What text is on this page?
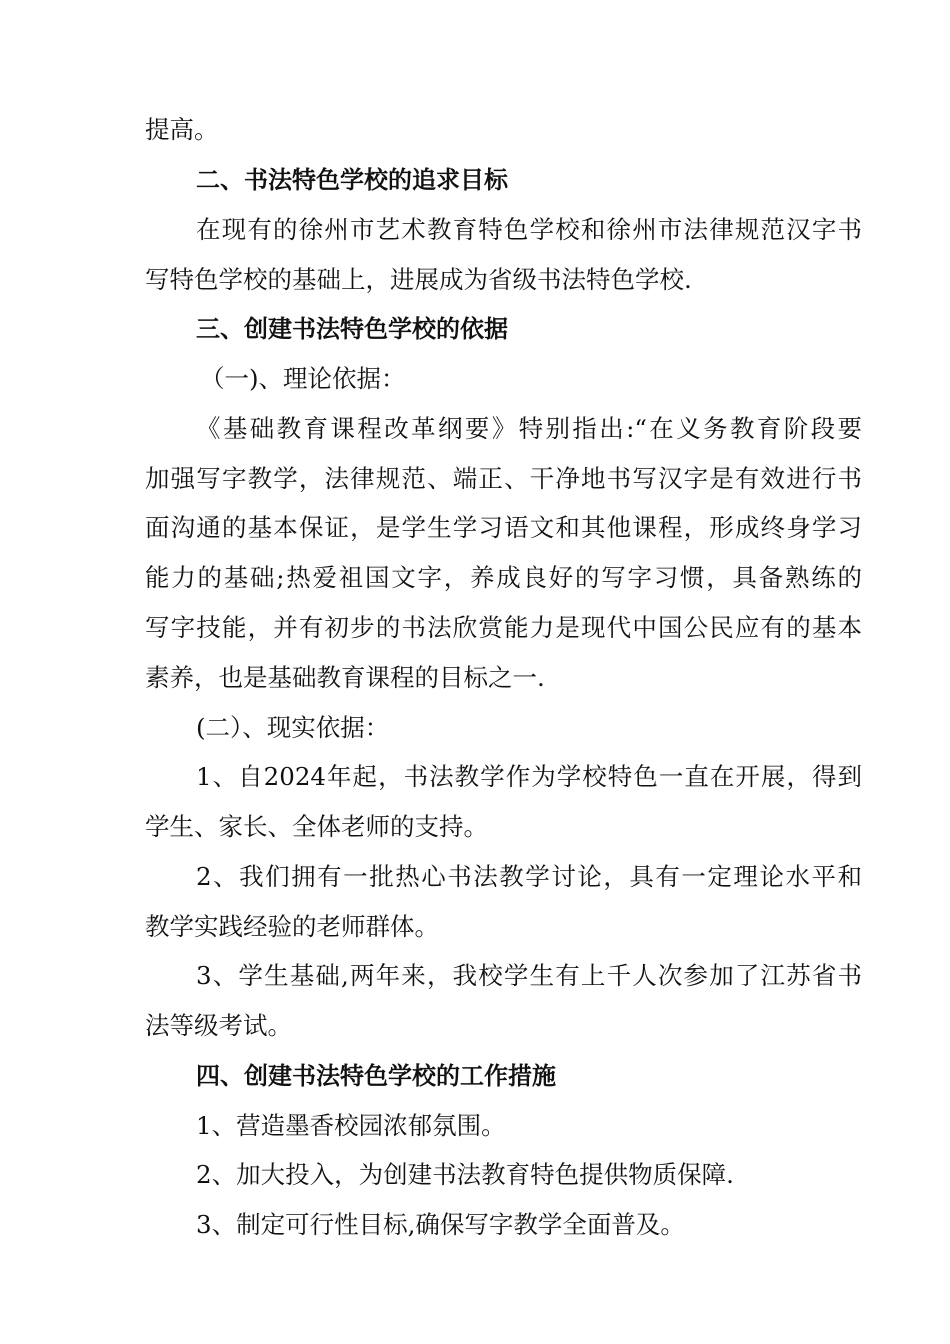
提高。
二、书法特色学校的追求目标
在现有的徐州市艺术教育特色学校和徐州市法律规范汉字书
写特色学校的基础上，进展成为省级书法特色学校.
三、创建书法特色学校的依据
（一)、理论依据：
《基础教育课程改革纲要》特别指出:“在义务教育阶段要
加强写字教学，法律规范、端正、干净地书写汉字是有效进行书
面沟通的基本保证，是学生学习语文和其他课程，形成终身学习
能力的基础;热爱祖国文字，养成良好的写字习惯，具备熟练的
写字技能，并有初步的书法欣赏能力是现代中国公民应有的基本
素养，也是基础教育课程的目标之一.
(二）、现实依据：
1、自2024年起，书法教学作为学校特色一直在开展，得到
学生、家长、全体老师的支持。
2、我们拥有一批热心书法教学讨论，具有一定理论水平和
教学实践经验的老师群体。
3、学生基础,两年来，我校学生有上千人次参加了江苏省书
法等级考试。
四、创建书法特色学校的工作措施
1、营造墨香校园浓郁氛围。
2、加大投入，为创建书法教育特色提供物质保障.
3、制定可行性目标,确保写字教学全面普及。
